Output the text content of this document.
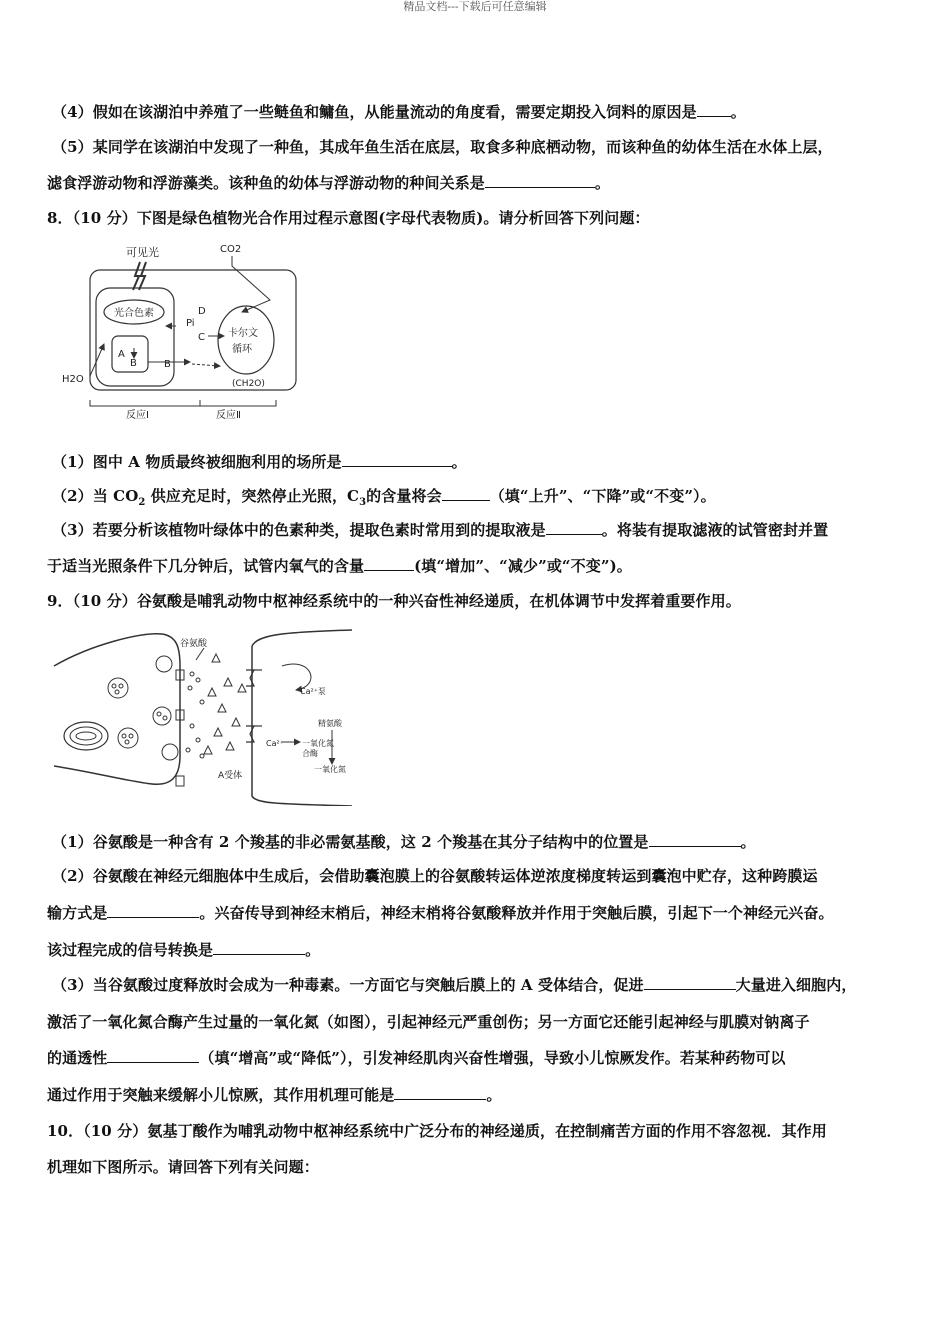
精品文档---下载后可任意编辑
（4）假如在该湖泊中养殖了一些鲢鱼和鳙鱼，从能量流动的角度看，需要定期投入饲料的原因是 。
（5）某同学在该湖泊中发现了一种鱼，其成年鱼生活在底层，取食多种底栖动物，而该种鱼的幼体生活在水体上层，
滤食浮游动物和浮游藻类。该种鱼的幼体与浮游动物的种间关系是	。
8．（10 分）下图是绿色植物光合作用过程示意图(字母代表物质)。请分析回答下列问题：
可见光	CO2
光合色素
A
B
H2O
D
Pi
C 卡尔文
循环
B
(CH2O)
反应Ⅰ	反应Ⅱ
（1）图中 A 物质最终被细胞利用的场所是	。
（2）当 $CO_2$ 供应充足时，突然停止光照，$C_3$的含量将会	（填“上升”、“下降”或“不变”）。
（3）若要分析该植物叶绿体中的色素种类，提取色素时常用到的提取液是	。将装有提取滤液的试管密封并置
于适当光照条件下几分钟后，试管内氧气的含量	(填“增加”、“减少”或“不变”)。
9．（10 分）谷氨酸是哺乳动物中枢神经系统中的一种兴奋性神经递质，在机体调节中发挥着重要作用。
谷氨酸
Ca²⁺泵
Ca²⁺
精氨酸
一氧化氮
合酶
一氧化氮
A受体
（1）谷氨酸是一种含有 2 个羧基的非必需氨基酸，这 2 个羧基在其分子结构中的位置是	。
（2）谷氨酸在神经元细胞体中生成后，会借助囊泡膜上的谷氨酸转运体逆浓度梯度转运到囊泡中贮存，这种跨膜运
输方式是	。兴奋传导到神经末梢后，神经末梢将谷氨酸释放并作用于突触后膜，引起下一个神经元兴奋。
该过程完成的信号转换是	。
（3）当谷氨酸过度释放时会成为一种毒素。一方面它与突触后膜上的 A 受体结合，促进	大量进入细胞内，
激活了一氧化氮合酶产生过量的一氧化氮（如图），引起神经元严重创伤；另一方面它还能引起神经与肌膜对钠离子
的通透性	（填“增高”或“降低”），引发神经肌肉兴奋性增强，导致小儿惊厥发作。若某种药物可以
通过作用于突触来缓解小儿惊厥，其作用机理可能是	。
10．（10 分）氨基丁酸作为哺乳动物中枢神经系统中广泛分布的神经递质，在控制痛苦方面的作用不容忽视．其作用
机理如下图所示。请回答下列有关问题：
